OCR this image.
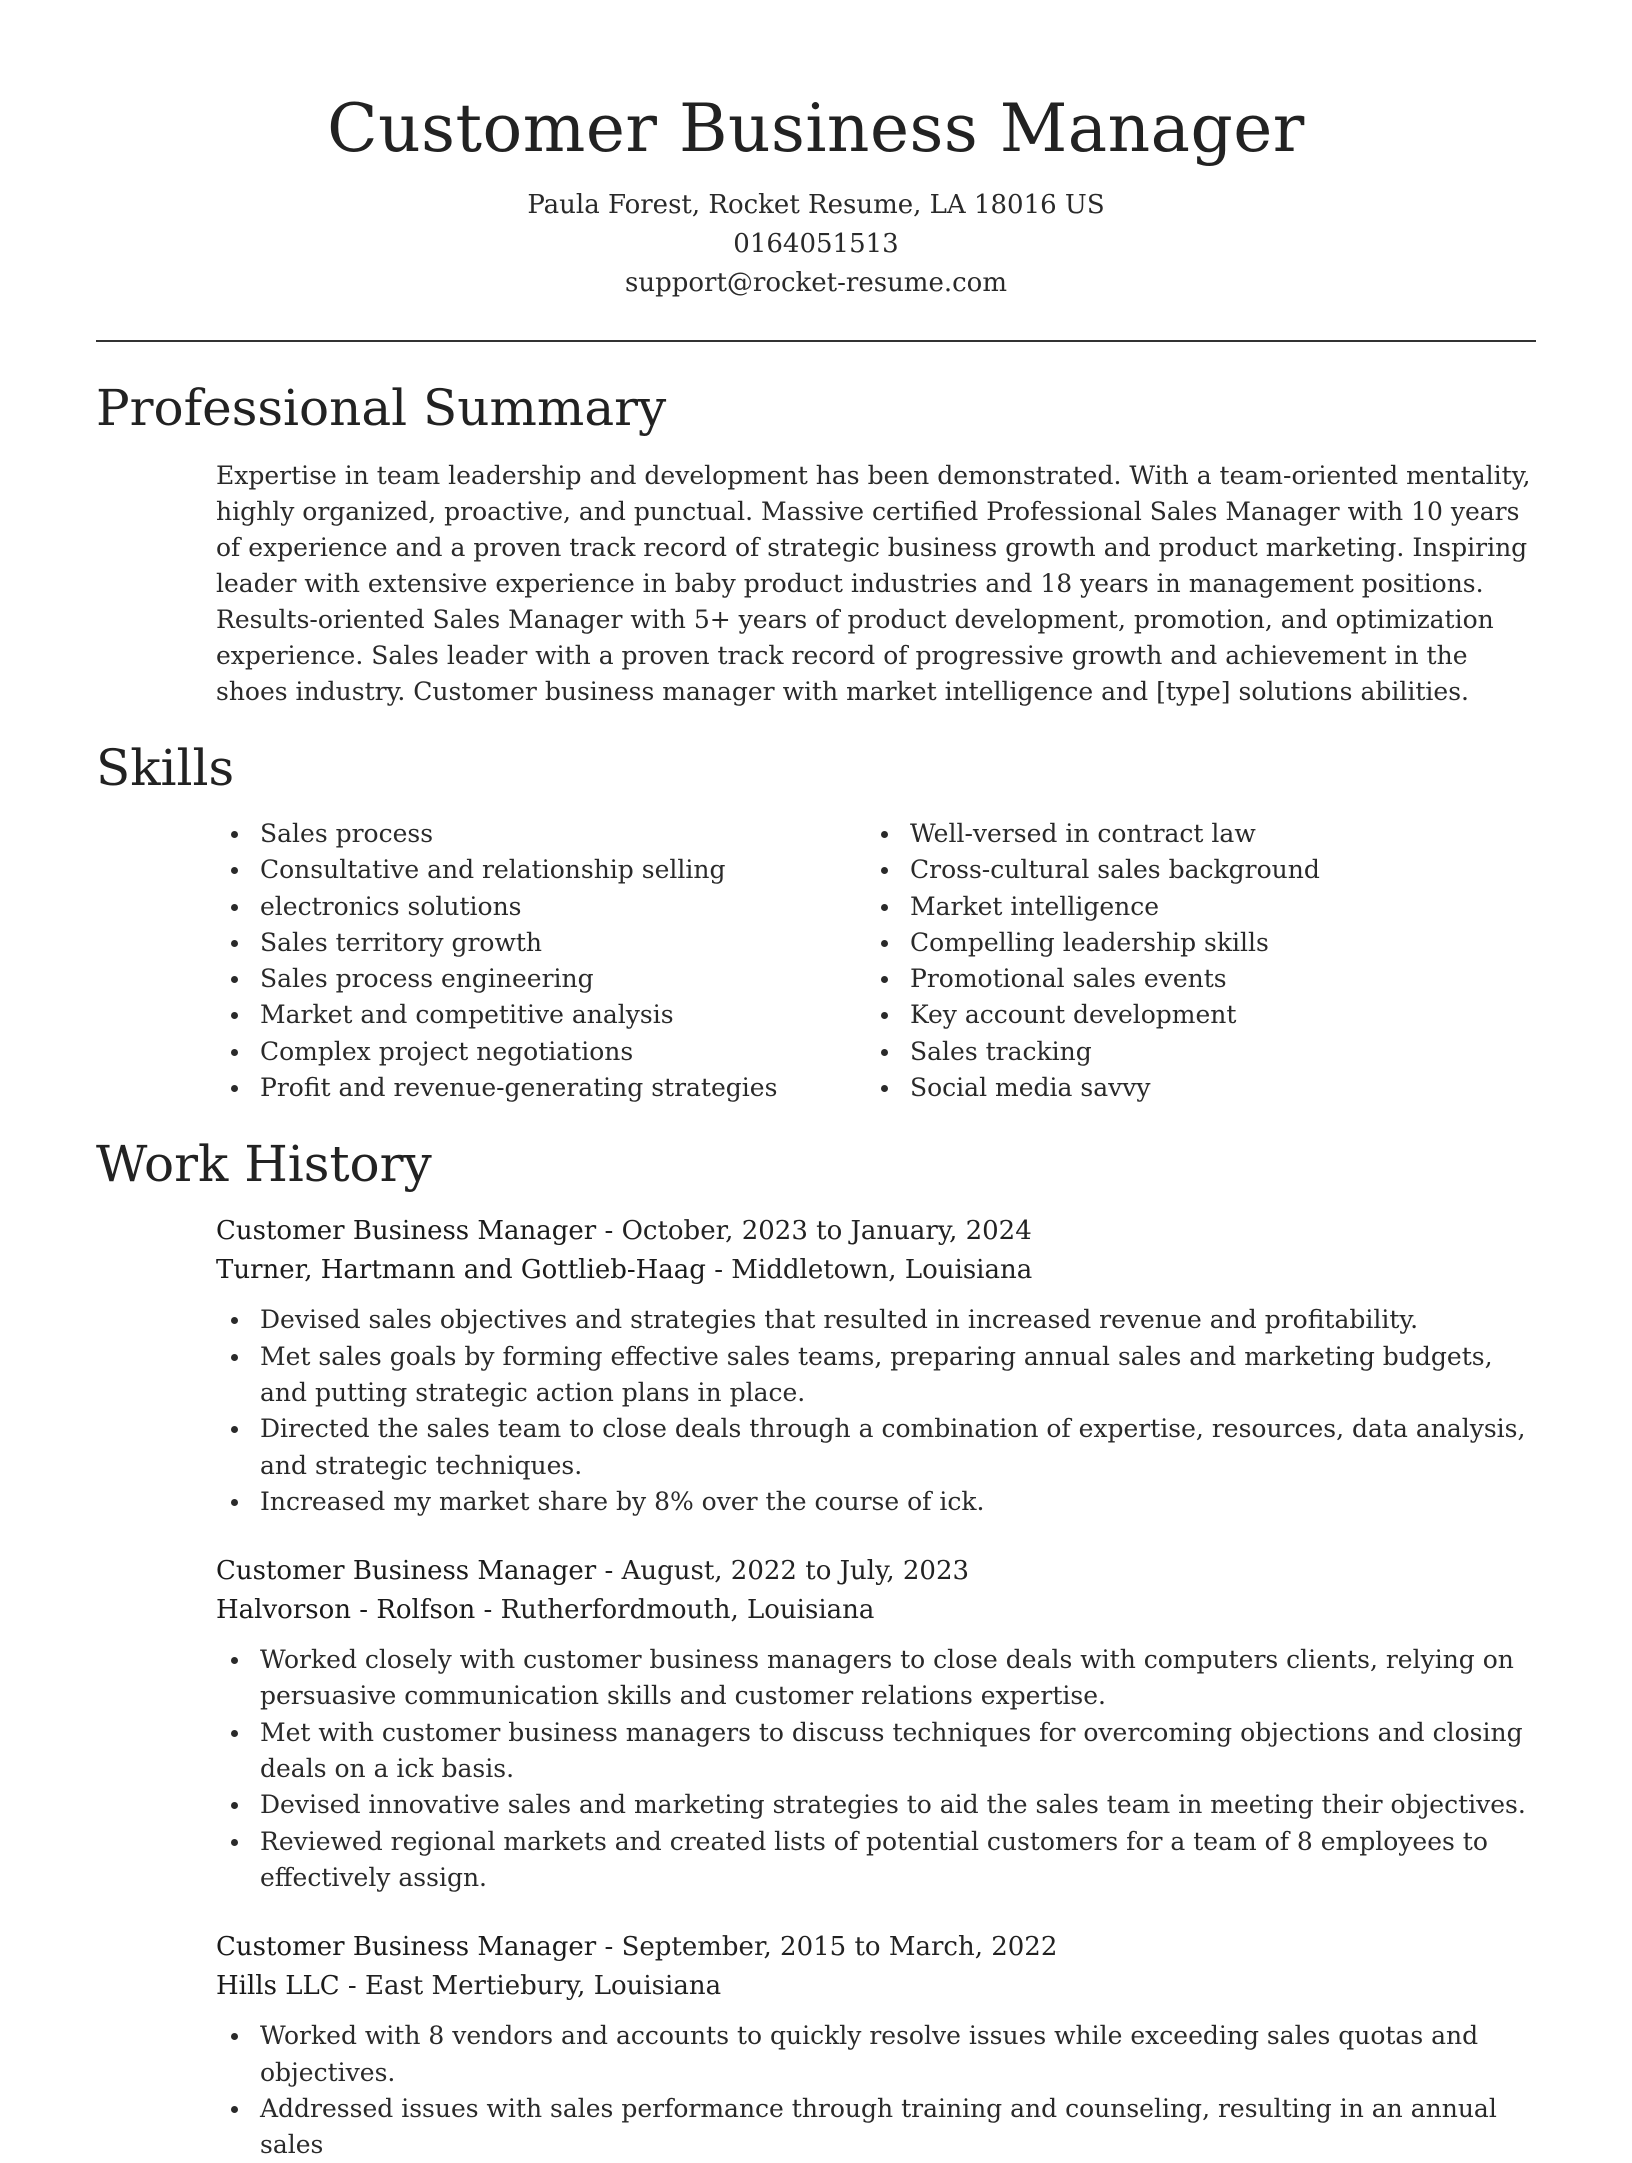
Customer Business Manager
Paula Forest, Rocket Resume, LA 18016 US
0164051513
support@rocket-resume.com
Professional Summary

Expertise in team leadership and development has been demonstrated. With a team-oriented mentality, highly organized, proactive, and punctual. Massive certified Professional Sales Manager with 10 years of experience and a proven track record of strategic business growth and product marketing. Inspiring leader with extensive experience in baby product industries and 18 years in management positions. Results-oriented Sales Manager with 5+ years of product development, promotion, and optimization experience. Sales leader with a proven track record of progressive growth and achievement in the shoes industry. Customer business manager with market intelligence and [type] solutions abilities.

Skills
Sales process
Consultative and relationship selling
electronics solutions
Sales territory growth
Sales process engineering
Market and competitive analysis
Complex project negotiations
Profit and revenue-generating strategies
Well-versed in contract law
Cross-cultural sales background
Market intelligence
Compelling leadership skills
Promotional sales events
Key account development
Sales tracking
Social media savvy
Work History
Customer Business Manager - October, 2023 to January, 2024
Turner, Hartmann and Gottlieb-Haag - Middletown, Louisiana
Devised sales objectives and strategies that resulted in increased revenue and profitability.
Met sales goals by forming effective sales teams, preparing annual sales and marketing budgets, and putting strategic action plans in place.
Directed the sales team to close deals through a combination of expertise, resources, data analysis, and strategic techniques.
Increased my market share by 8% over the course of ick.
Customer Business Manager - August, 2022 to July, 2023
Halvorson - Rolfson - Rutherfordmouth, Louisiana
Worked closely with customer business managers to close deals with computers clients, relying on persuasive communication skills and customer relations expertise.
Met with customer business managers to discuss techniques for overcoming objections and closing deals on a ick basis.
Devised innovative sales and marketing strategies to aid the sales team in meeting their objectives.
Reviewed regional markets and created lists of potential customers for a team of 8 employees to effectively assign.
Customer Business Manager - September, 2015 to March, 2022
Hills LLC - East Mertiebury, Louisiana
Worked with 8 vendors and accounts to quickly resolve issues while exceeding sales quotas and objectives.
Addressed issues with sales performance through training and counseling, resulting in an annual sales
